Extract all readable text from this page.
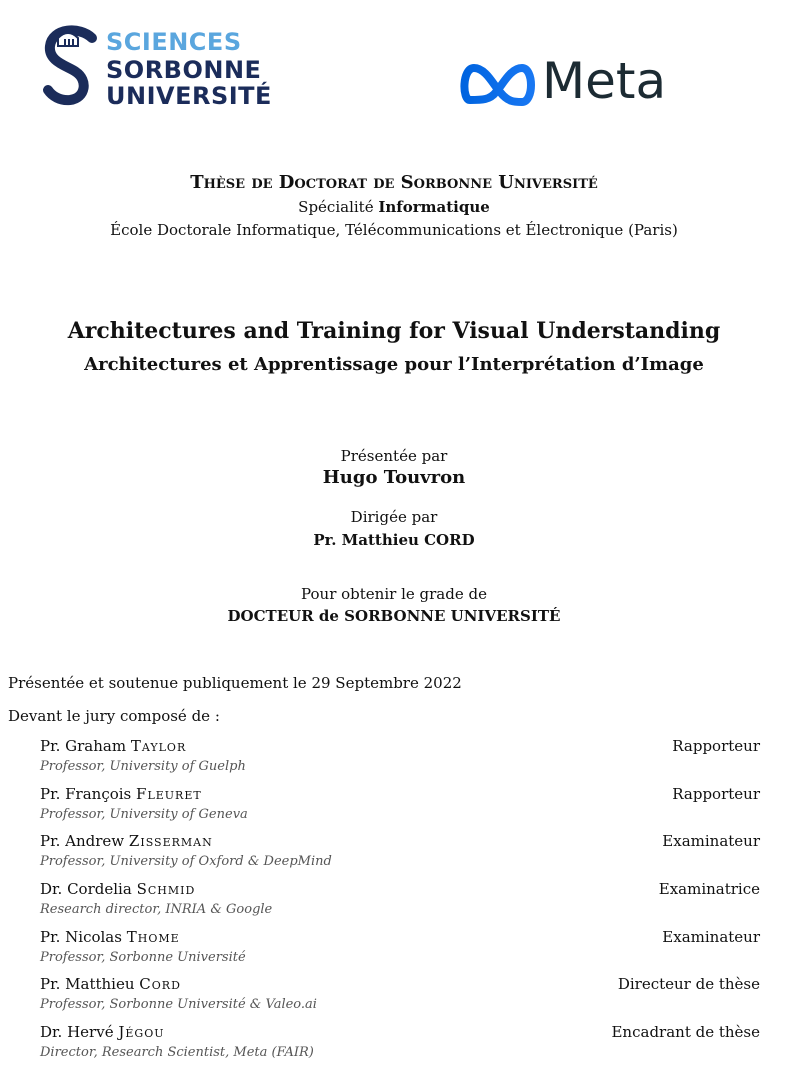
SCIENCES
SORBONNE
UNIVERSITÉ	Meta
Thèse de Doctorat de Sorbonne Université
Spécialité Informatique
École Doctorale Informatique, Télécommunications et Électronique (Paris)
Architectures and Training for Visual Understanding
Architectures et Apprentissage pour l’Interprétation d’Image
Présentée par
Hugo Touvron
Dirigée par
Pr. Matthieu CORD
Pour obtenir le grade de
DOCTEUR de SORBONNE UNIVERSITÉ
Présentée et soutenue publiquement le 29 Septembre 2022
Devant le jury composé de :
Pr. Graham Taylor
Professor, University of Guelph
Rapporteur
Pr. François Fleuret
Professor, University of Geneva
Rapporteur
Pr. Andrew Zisserman
Professor, University of Oxford & DeepMind
Examinateur
Dr. Cordelia Schmid
Research director, INRIA & Google
Examinatrice
Pr. Nicolas Thome
Professor, Sorbonne Université
Examinateur
Pr. Matthieu Cord
Professor, Sorbonne Université & Valeo.ai
Directeur de thèse
Dr. Hervé Jégou
Director, Research Scientist, Meta (FAIR)
Encadrant de thèse
